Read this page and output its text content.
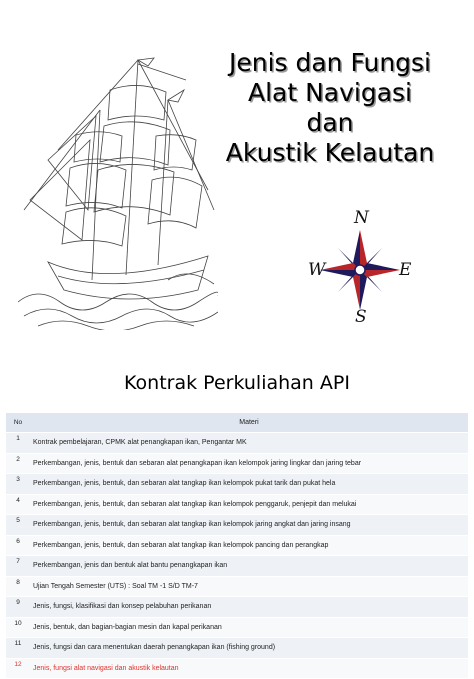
Jenis dan Fungsi
Alat Navigasi
dan
Akustik Kelautan
N
S
E
W
Kontrak Perkuliahan API
No	Materi
1	Kontrak pembelajaran, CPMK alat penangkapan ikan, Pengantar MK
2	Perkembangan, jenis, bentuk dan sebaran alat penangkapan ikan kelompok jaring lingkar dan jaring tebar
3	Perkembangan, jenis, bentuk, dan sebaran alat tangkap ikan kelompok pukat tarik dan pukat hela
4	Perkembangan, jenis, bentuk, dan sebaran alat tangkap ikan kelompok penggaruk, penjepit dan melukai
5	Perkembangan, jenis, bentuk, dan sebaran alat tangkap ikan kelompok jaring angkat dan jaring insang
6	Perkembangan, jenis, bentuk, dan sebaran alat tangkap ikan kelompok pancing dan perangkap
7	Perkembangan, jenis dan bentuk alat bantu penangkapan ikan
8	Ujian Tengah Semester (UTS) : Soal TM -1 S/D TM-7
9	Jenis, fungsi, klasifikasi dan konsep pelabuhan perikanan
10	Jenis, bentuk, dan bagian-bagian mesin dan kapal perikanan
11	Jenis, fungsi dan cara menentukan daerah penangkapan ikan (fishing ground)
12	Jenis, fungsi alat navigasi dan akustik kelautan
